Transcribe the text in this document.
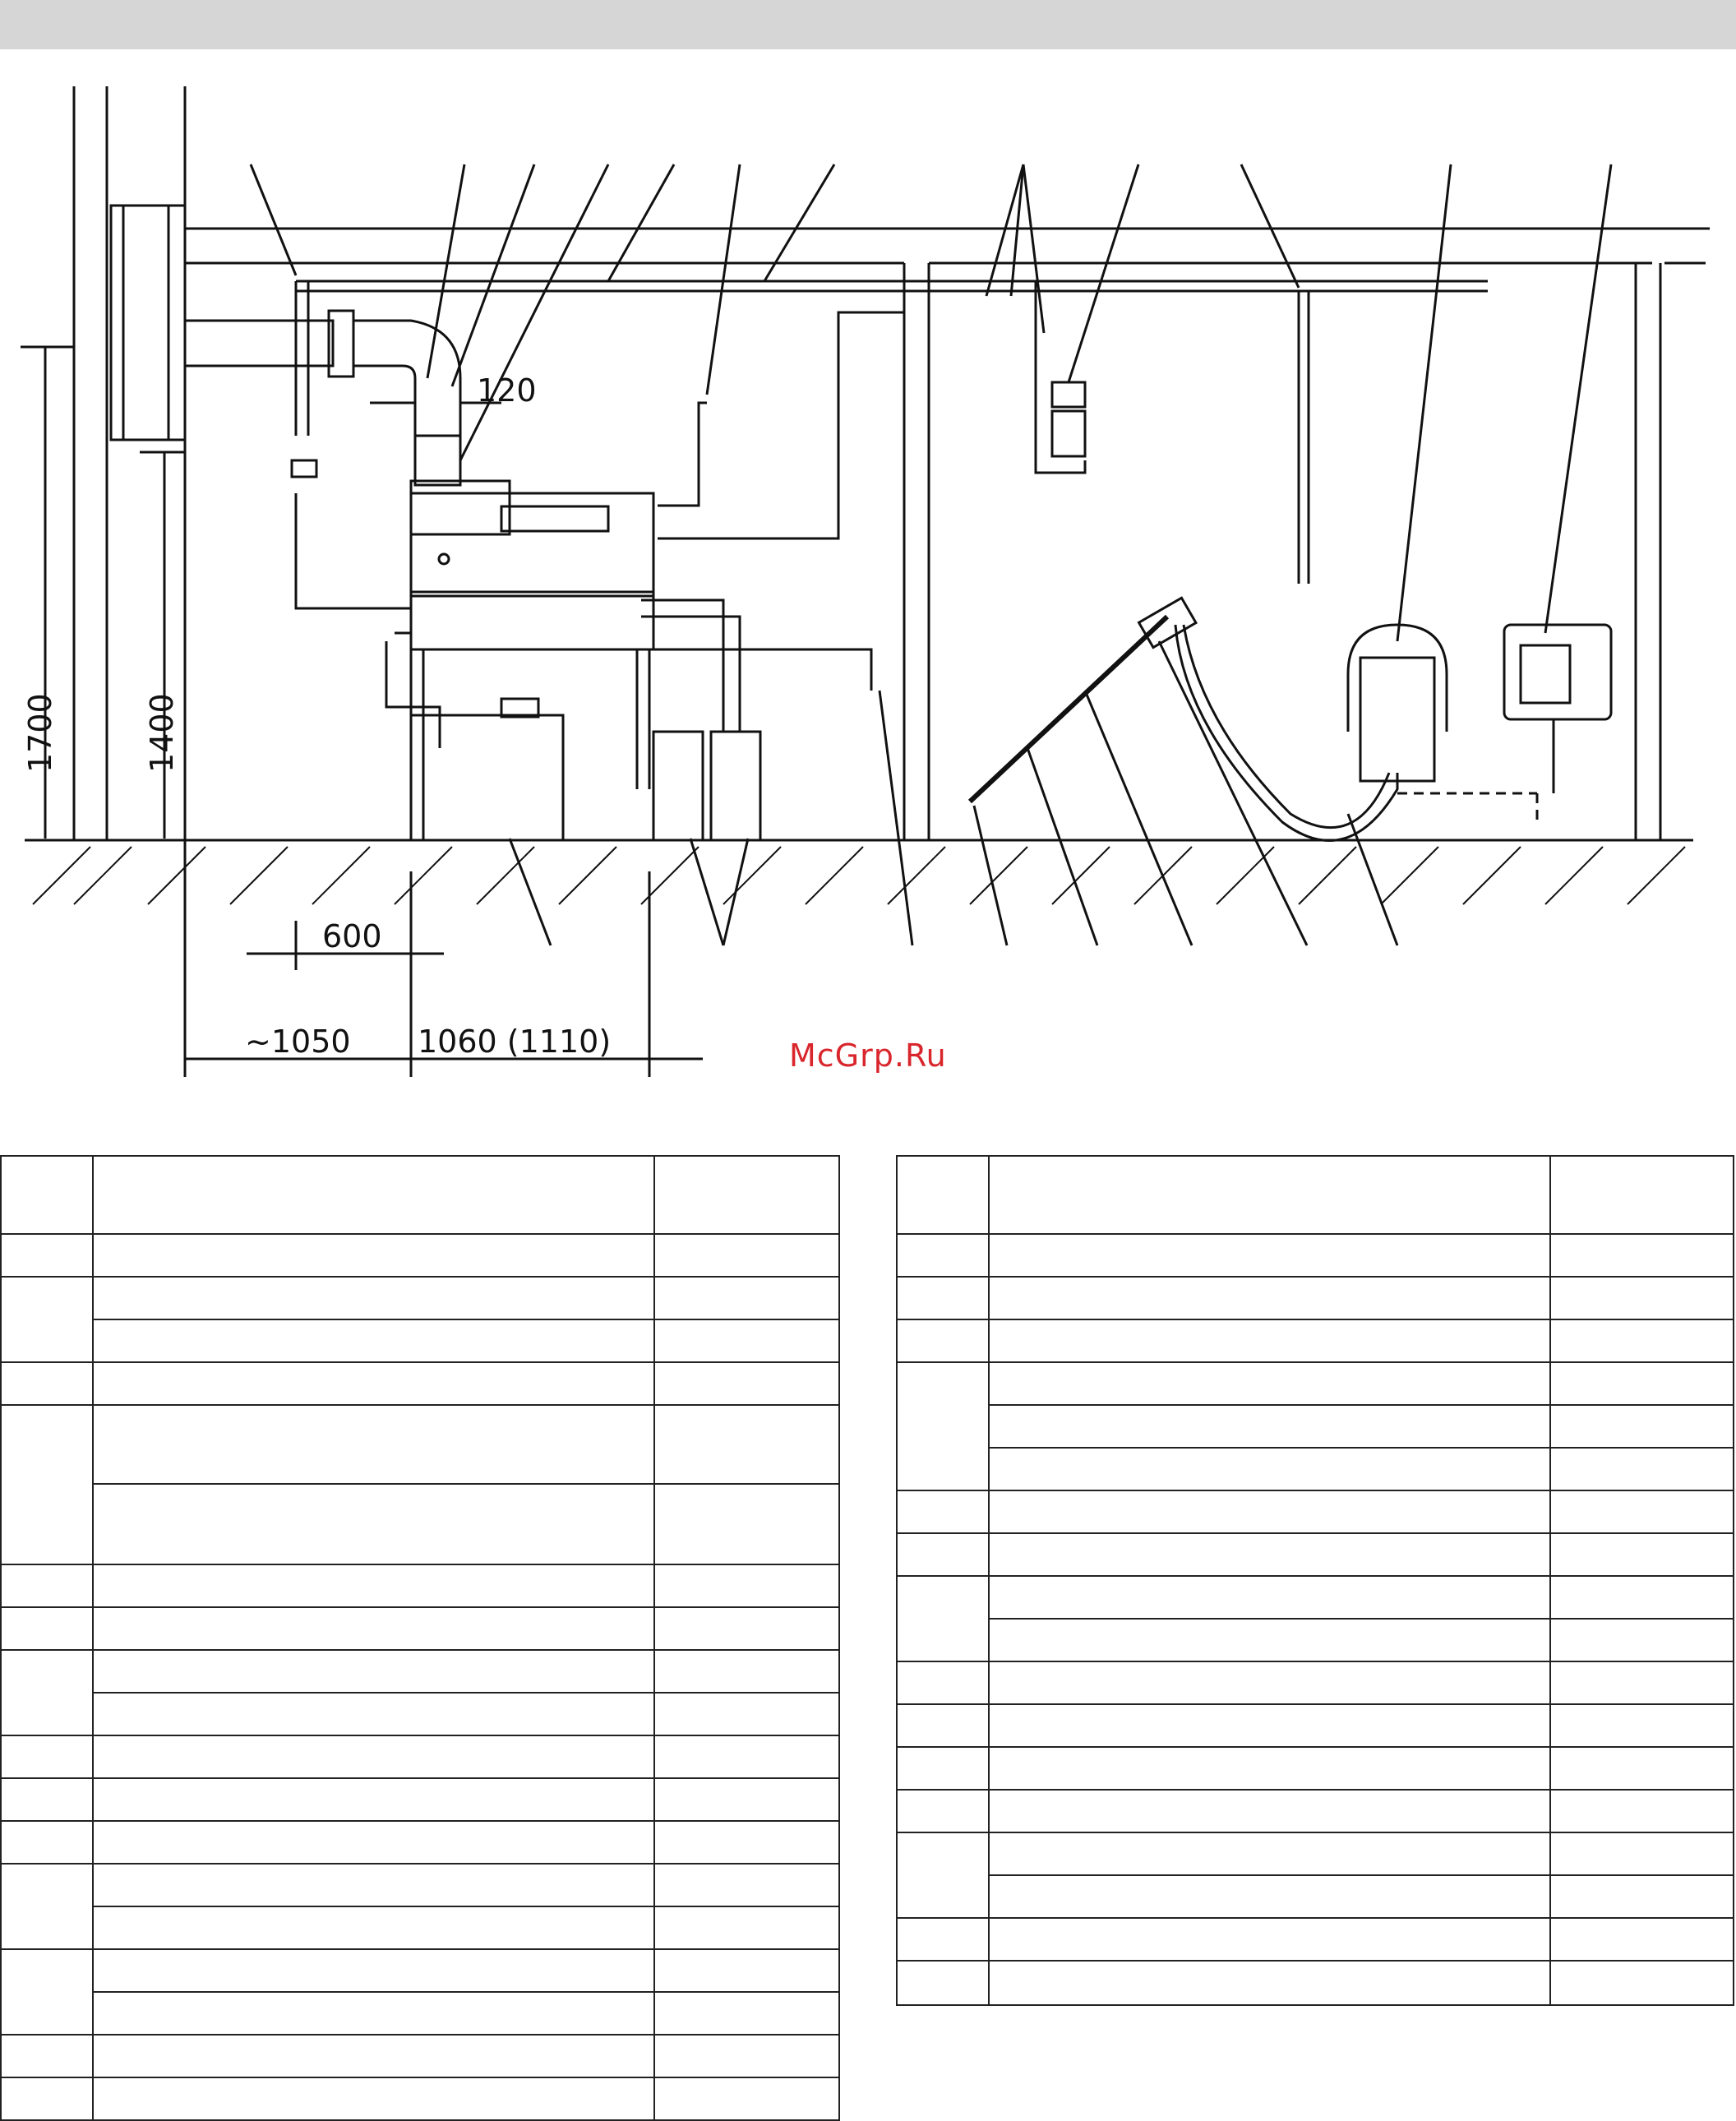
1700	1400
120
600
~1050 1060 (1110)	McGrp.Ru
